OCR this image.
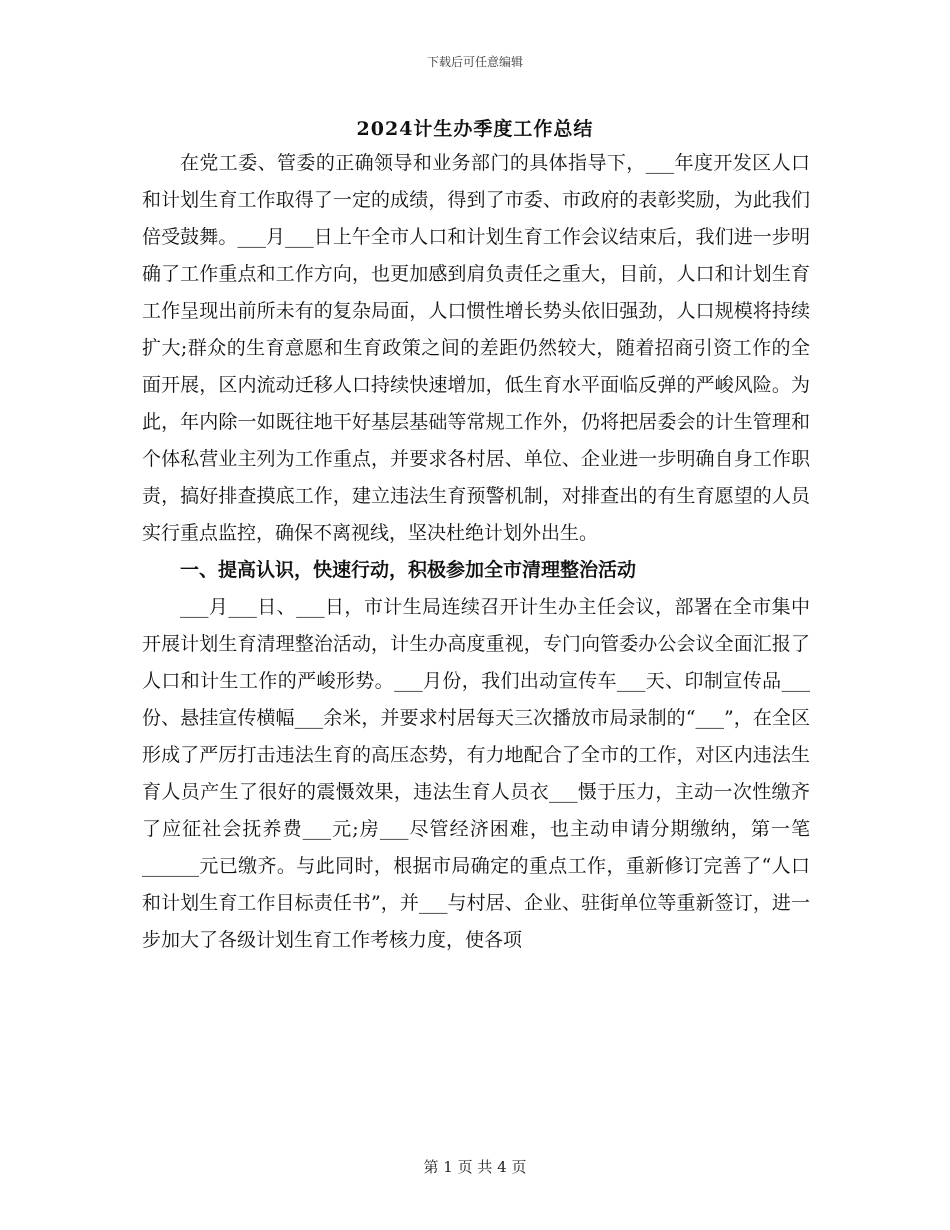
下载后可任意编辑
2024计生办季度工作总结

在党工委、管委的正确领导和业务部门的具体指导下，___年度开发区人口和计划生育工作取得了一定的成绩，得到了市委、市政府的表彰奖励，为此我们倍受鼓舞。___月___日上午全市人口和计划生育工作会议结束后，我们进一步明确了工作重点和工作方向，也更加感到肩负责任之重大，目前，人口和计划生育工作呈现出前所未有的复杂局面，人口惯性增长势头依旧强劲，人口规模将持续扩大;群众的生育意愿和生育政策之间的差距仍然较大，随着招商引资工作的全面开展，区内流动迁移人口持续快速增加，低生育水平面临反弹的严峻风险。为此，年内除一如既往地干好基层基础等常规工作外，仍将把居委会的计生管理和个体私营业主列为工作重点，并要求各村居、单位、企业进一步明确自身工作职责，搞好排查摸底工作，建立违法生育预警机制，对排查出的有生育愿望的人员实行重点监控，确保不离视线，坚决杜绝计划外出生。

一、提高认识，快速行动，积极参加全市清理整治活动

___月___日、___日，市计生局连续召开计生办主任会议，部署在全市集中开展计划生育清理整治活动，计生办高度重视，专门向管委办公会议全面汇报了人口和计生工作的严峻形势。___月份，我们出动宣传车___天、印制宣传品___份、悬挂宣传横幅___余米，并要求村居每天三次播放市局录制的“___”，在全区形成了严厉打击违法生育的高压态势，有力地配合了全市的工作，对区内违法生育人员产生了很好的震慑效果，违法生育人员衣___慑于压力，主动一次性缴齐了应征社会抚养费___元;房___尽管经济困难，也主动申请分期缴纳，第一笔______元已缴齐。与此同时，根据市局确定的重点工作，重新修订完善了“人口和计划生育工作目标责任书”，并___与村居、企业、驻街单位等重新签订，进一步加大了各级计划生育工作考核力度，使各项

第 1 页 共 4 页
